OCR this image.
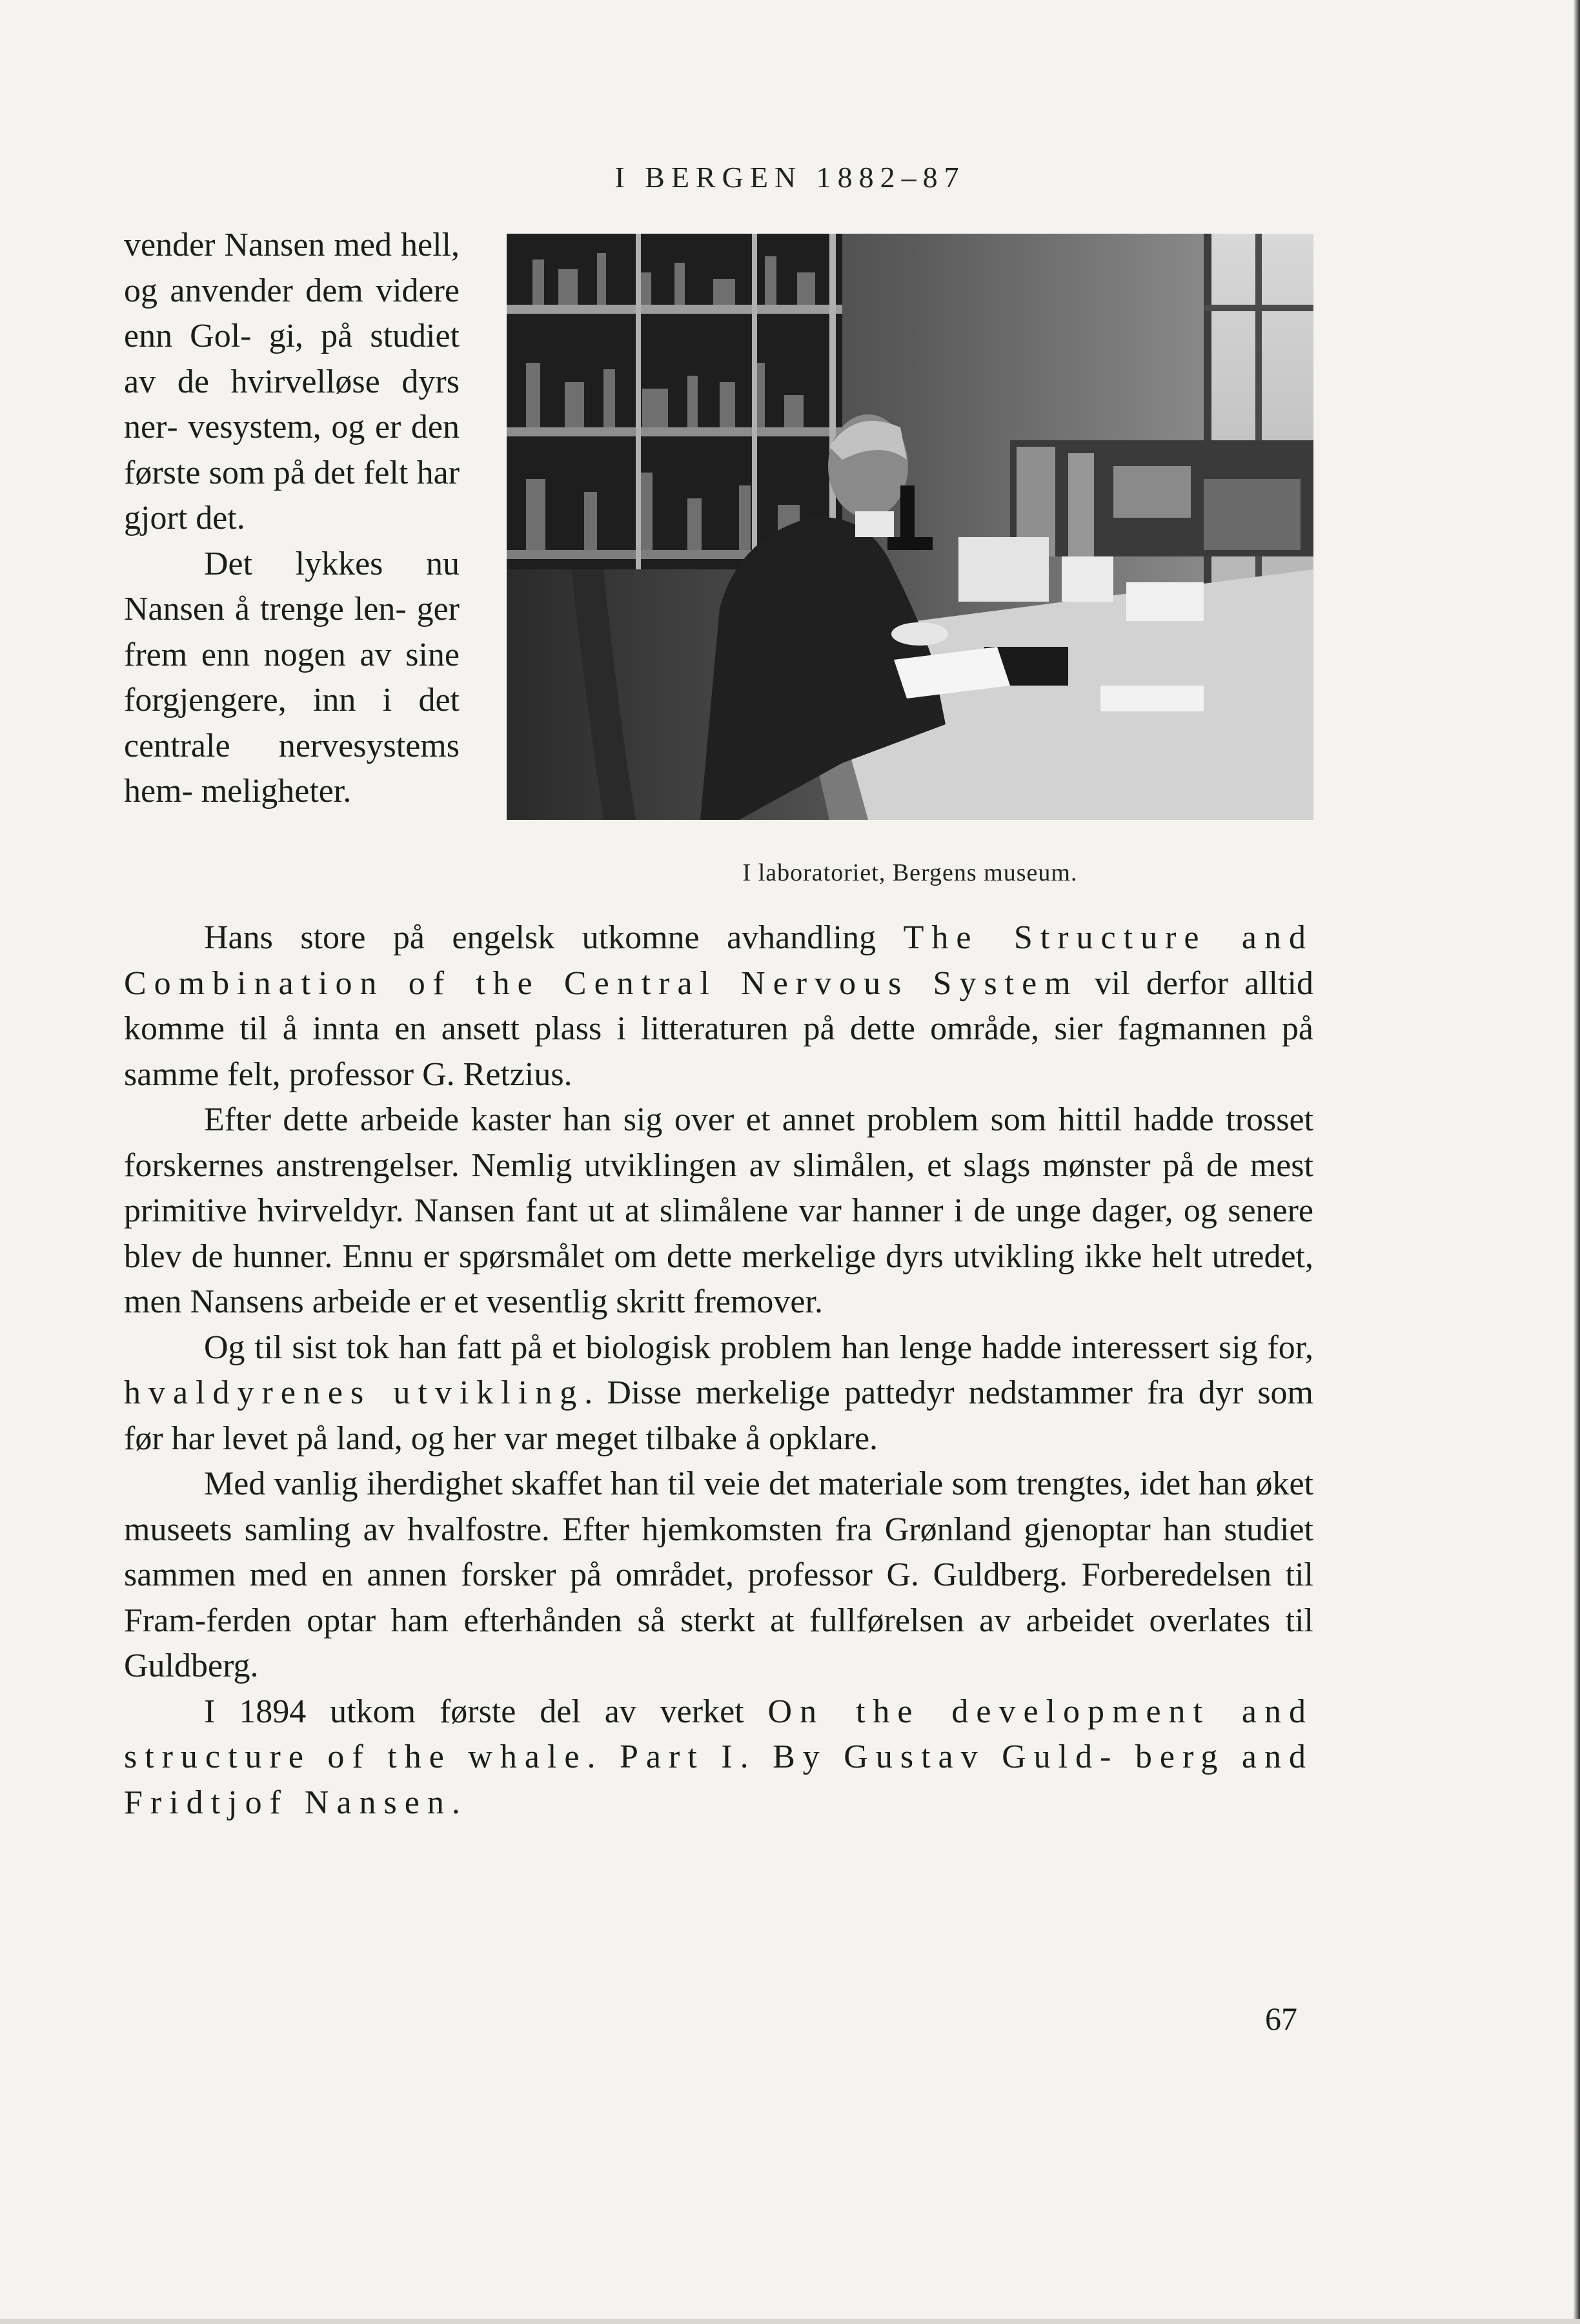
I BERGEN 1882–87

vender Nansen med hell, og anvender dem videre enn Gol‐ gi, på studiet av de hvirvelløse dyrs ner‐ vesystem, og er den første som på det felt har gjort det.

Det lykkes nu Nansen å trenge len‐ ger frem enn nogen av sine forgjengere, inn i det centrale nervesystems hem‐ meligheter.

I laboratoriet, Bergens museum.

Hans store på engelsk utkomne avhandling The Structure and Combination of the Central Nervous System vil derfor alltid komme til å innta en ansett plass i litteraturen på dette område, sier fagmannen på samme felt, professor G. Retzius.

Efter dette arbeide kaster han sig over et annet problem som hittil hadde trosset forskernes anstrengelser. Nemlig utviklingen av slimålen, et slags mønster på de mest primitive hvirveldyr. Nansen fant ut at slimålene var hanner i de unge dager, og senere blev de hunner. Ennu er spørsmålet om dette merkelige dyrs utvikling ikke helt utredet, men Nansens arbeide er et vesentlig skritt fremover.

Og til sist tok han fatt på et biologisk problem han lenge hadde interessert sig for, hvaldyrenes utvikling. Disse merkelige pattedyr nedstammer fra dyr som før har levet på land, og her var meget tilbake å opklare.

Med vanlig iherdighet skaffet han til veie det materiale som trengtes, idet han øket museets samling av hvalfostre. Efter hjemkomsten fra Grønland gjenoptar han studiet sammen med en annen forsker på området, professor G. Guldberg. Forberedelsen til Fram‐ferden optar ham efterhånden så sterkt at fullførelsen av arbeidet overlates til Guldberg.

I 1894 utkom første del av verket On the development and structure of the whale. Part I. By Gustav Guld‐ berg and Fridtjof Nansen.

67
